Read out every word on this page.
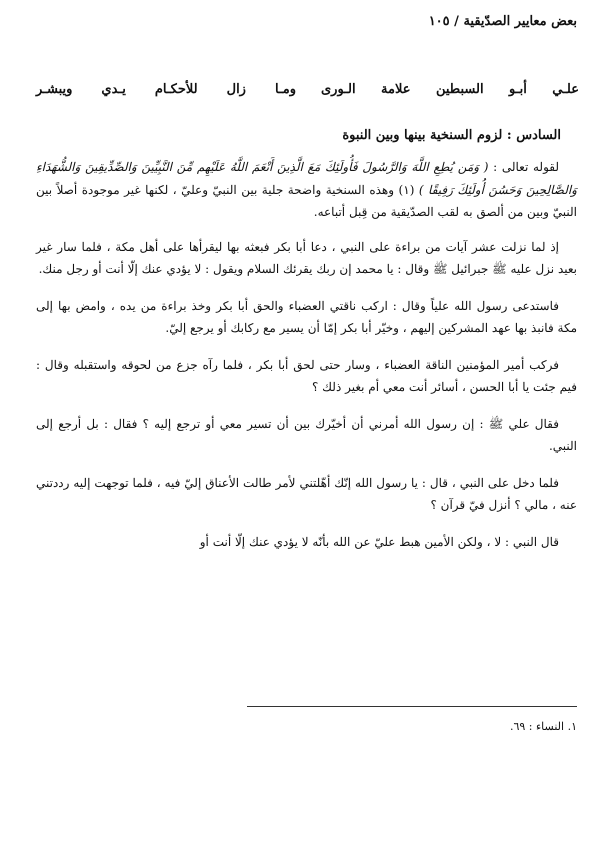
بعض معايير الصدّيقية / ١٠٥
علـي أبـو السبطين علامة الـورى
ومـا زال للأحكـام يـدي ويبشـر
السادس : لزوم السنخية بينها وبين النبوة

لقوله تعالى : ( وَمَن يُطِعِ اللَّهَ وَالرَّسُولَ فَأُولَئِكَ مَعَ الَّذِينَ أَنْعَمَ اللَّهُ عَلَيْهِم مِّنَ النَّبِيِّينَ وَالصِّدِّيقِينَ وَالشُّهَدَاءِ وَالصَّالِحِينَ وَحَسُنَ أُولَئِكَ رَفِيقًا ) (١) وهذه السنخية واضحة جلية بين النبيّ وعليّ ، لكنها غير موجودة أصلاً بين النبيّ وبين من ألصق به لقب الصدّيقية من قِبل أتباعه.

إذ لما نزلت عشر آيات من براءة على النبي ، دعا أبا بكر فبعثه بها ليقرأها على أهل مكة ، فلما سار غير بعيد نزل عليه ﷺ جبرائيل ﷺ وقال : يا محمد إن ربك يقرئك السلام ويقول : لا يؤدي عنك إلّا أنت أو رجل منك.

فاستدعى رسول الله علياً وقال : اركب ناقتي العضباء والحق أبا بكر وخذ براءة من يده ، وامض بها إلى مكة فانبذ بها عهد المشركين إليهم ، وخيّر أبا بكر إمّا أن يسير مع ركابك أو يرجع إليّ.

فركب أمير المؤمنين الناقة العضباء ، وسار حتى لحق أبا بكر ، فلما رآه جزع من لحوقه واستقبله وقال : فيم جئت يا أبا الحسن ، أسائر أنت معي أم بغير ذلك ؟

فقال علي ﷺ : إن رسول الله أمرني أن أخيّرك بين أن تسير معي أو ترجع إليه ؟ فقال : بل أرجع إلى النبي.

فلما دخل على النبي ، قال : يا رسول الله إنّك أهّلتني لأمر طالت الأعناق إليّ فيه ، فلما توجهت إليه رددتني عنه ، مالي ؟ أنزل فيّ قرآن ؟

قال النبي : لا ، ولكن الأمين هبط عليّ عن الله بأنّه لا يؤدي عنك إلّا أنت أو

١. النساء : ٦٩.
